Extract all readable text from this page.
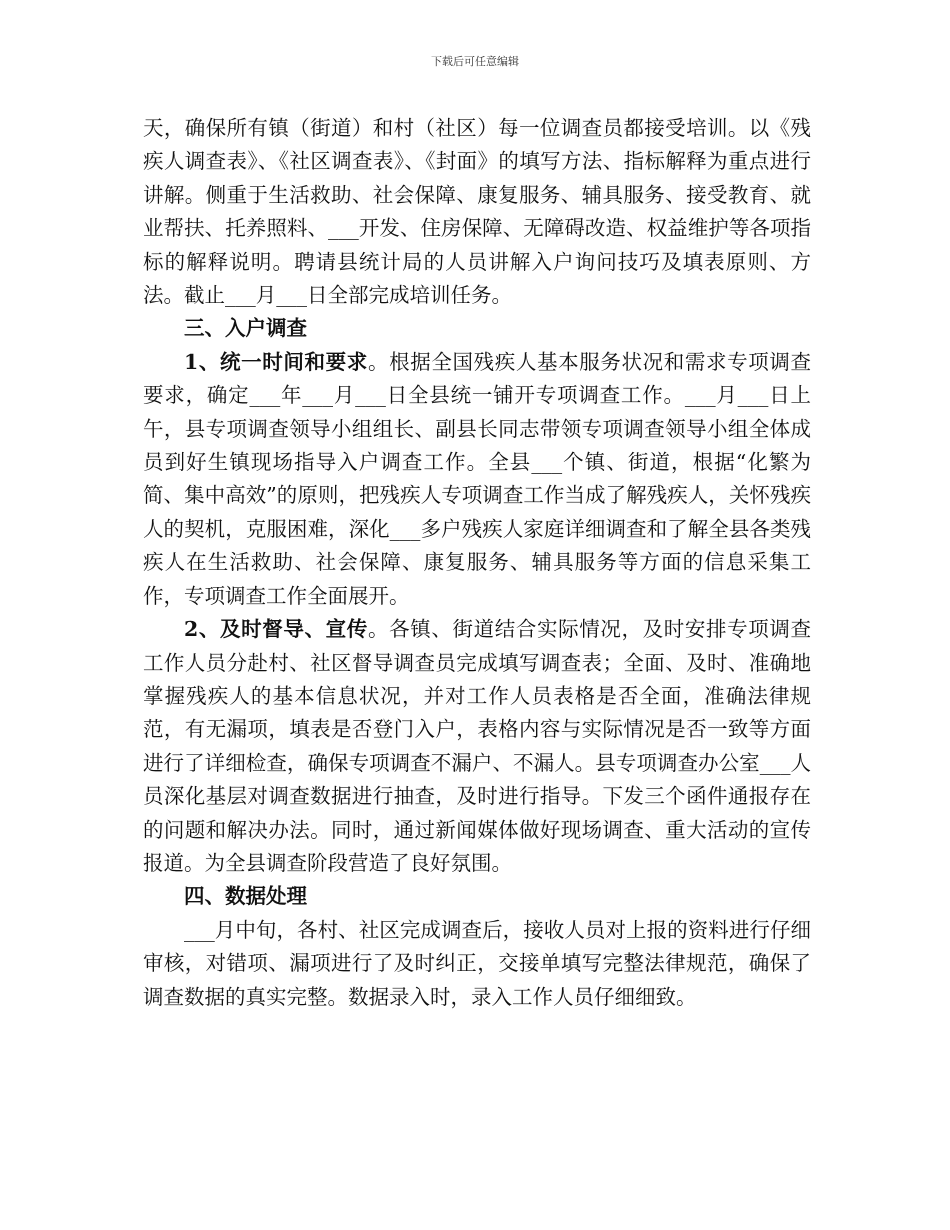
下载后可任意编辑

天，确保所有镇（街道）和村（社区）每一位调查员都接受培训。以《残疾人调查表》、《社区调查表》、《封面》的填写方法、指标解释为重点进行讲解。侧重于生活救助、社会保障、康复服务、辅具服务、接受教育、就业帮扶、托养照料、___开发、住房保障、无障碍改造、权益维护等各项指标的解释说明。聘请县统计局的人员讲解入户询问技巧及填表原则、方法。截止___月___日全部完成培训任务。

三、入户调查

1、统一时间和要求。根据全国残疾人基本服务状况和需求专项调查要求，确定___年___月___日全县统一铺开专项调查工作。___月___日上午，县专项调查领导小组组长、副县长同志带领专项调查领导小组全体成员到好生镇现场指导入户调查工作。全县___个镇、街道，根据“化繁为简、集中高效”的原则，把残疾人专项调查工作当成了解残疾人，关怀残疾人的契机，克服困难，深化___多户残疾人家庭详细调查和了解全县各类残疾人在生活救助、社会保障、康复服务、辅具服务等方面的信息采集工作，专项调查工作全面展开。

2、及时督导、宣传。各镇、街道结合实际情况，及时安排专项调查工作人员分赴村、社区督导调查员完成填写调查表；全面、及时、准确地掌握残疾人的基本信息状况，并对工作人员表格是否全面，准确法律规范，有无漏项，填表是否登门入户，表格内容与实际情况是否一致等方面进行了详细检查，确保专项调查不漏户、不漏人。县专项调查办公室___人员深化基层对调查数据进行抽查，及时进行指导。下发三个函件通报存在的问题和解决办法。同时，通过新闻媒体做好现场调查、重大活动的宣传报道。为全县调查阶段营造了良好氛围。

四、数据处理

___月中旬，各村、社区完成调查后，接收人员对上报的资料进行仔细审核，对错项、漏项进行了及时纠正，交接单填写完整法律规范，确保了调查数据的真实完整。数据录入时，录入工作人员仔细细致。
